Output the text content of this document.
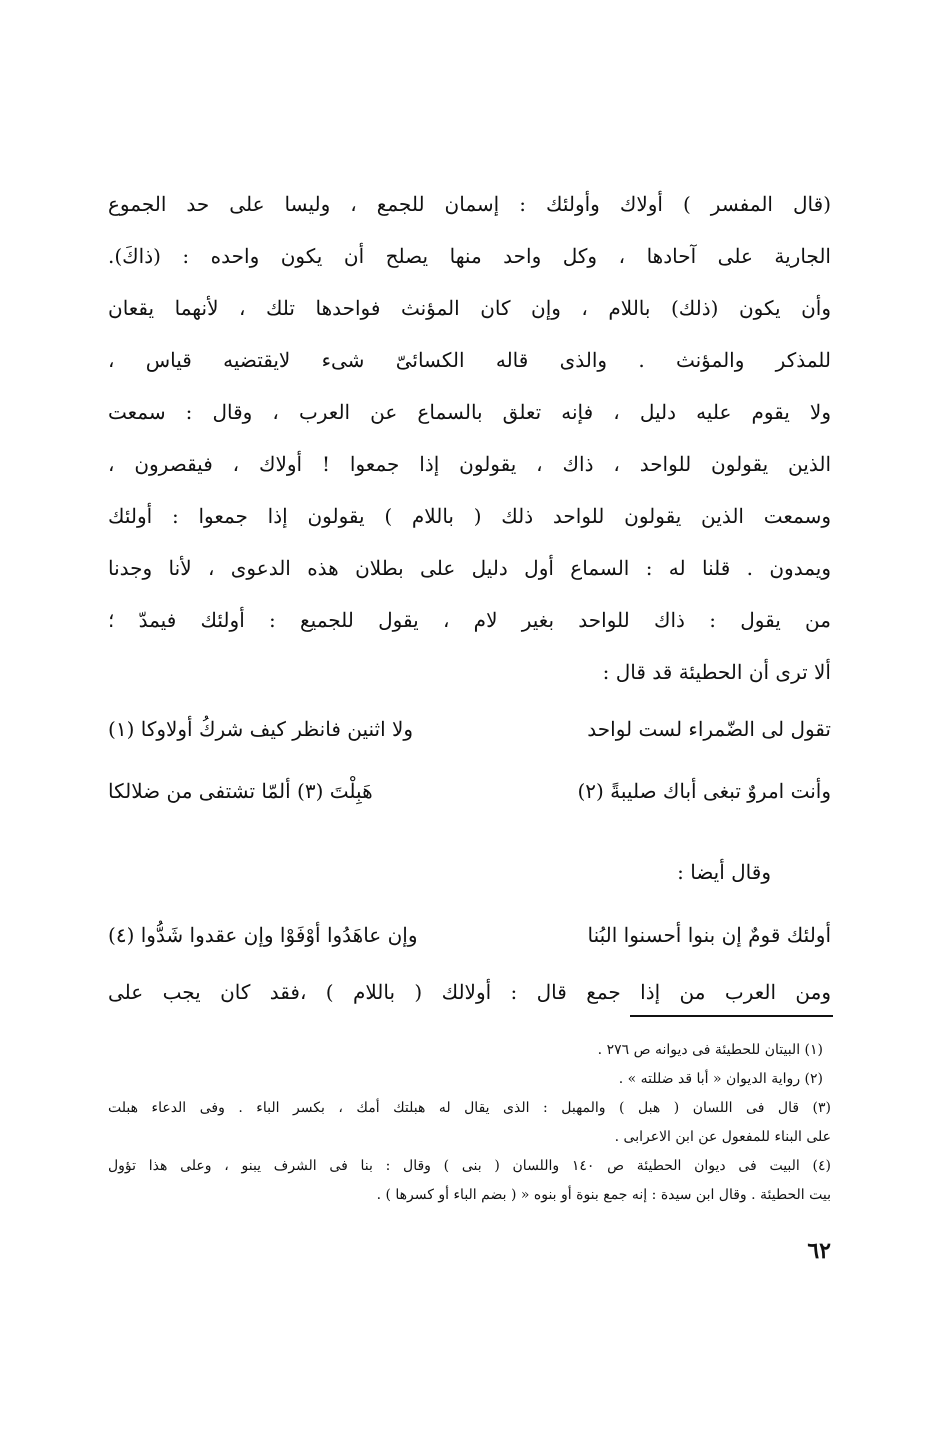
(قال المفسر ) أولاك وأولئك : إسمان للجمع ، وليسا على حد الجموع
الجارية على آحادها ، وكل واحد منها يصلح أن يكون واحده : (ذاكَ).
وأن يكون (ذلك) باللام ، وإن كان المؤنث فواحدها تلك ، لأنهما يقعان
للمذكر والمؤنث . والذى قاله الكسائىّ شىء لايقتضيه قياس ،
ولا يقوم عليه دليل ، فإنه تعلق بالسماع عن العرب ، وقال : سمعت
الذين يقولون للواحد ، ذاك ، يقولون إذا جمعوا ! أولاك ، فيقصرون ،
وسمعت الذين يقولون للواحد ذلك ( باللام ) يقولون إذا جمعوا : أولئك
ويمدون . قلنا له : السماع أول دليل على بطلان هذه الدعوى ، لأنا وجدنا
من يقول : ذاك للواحد بغير لام ، يقول للجميع : أولئك فيمدّ ؛
ألا ترى أن الحطيئة قد قال :
تقول لى الضّمراء لست لواحد
ولا اثنين فانظر كيف شركُ أولاوكا (١)
وأنت امروٌ تبغى أباك صليبةً (٢)
هَبِلْتَ (٣) ألمّا تشتفى من ضلالكا
وقال أيضا :
أولئك قومٌ إن بنوا أحسنوا البُنا
وإن عاهَدُوا أوْفَوْا وإن عقدوا شَدُّوا (٤)
ومن العرب من إذا جمع قال : أولالك ( باللام ) ،فقد كان يجب على
(١) البيتان للحطيئة فى ديوانه ص ٢٧٦ .
(٢) رواية الديوان « أبا قد ضللته » .
(٣) قال فى اللسان ( هبل ) والمهبل : الذى يقال له هبلتك أمك ، بكسر الباء . وفى الدعاء هبلت
على البناء للمفعول عن ابن الاعرابى .
(٤) البيت فى ديوان الحطيئة ص ١٤٠ واللسان ( بنى ) وقال : بنا فى الشرف يبنو ، وعلى هذا تؤول
بيت الحطيئة . وقال ابن سيدة : إنه جمع بنوة أو بنوه « ( بضم الباء أو كسرها ) .
٦٢
